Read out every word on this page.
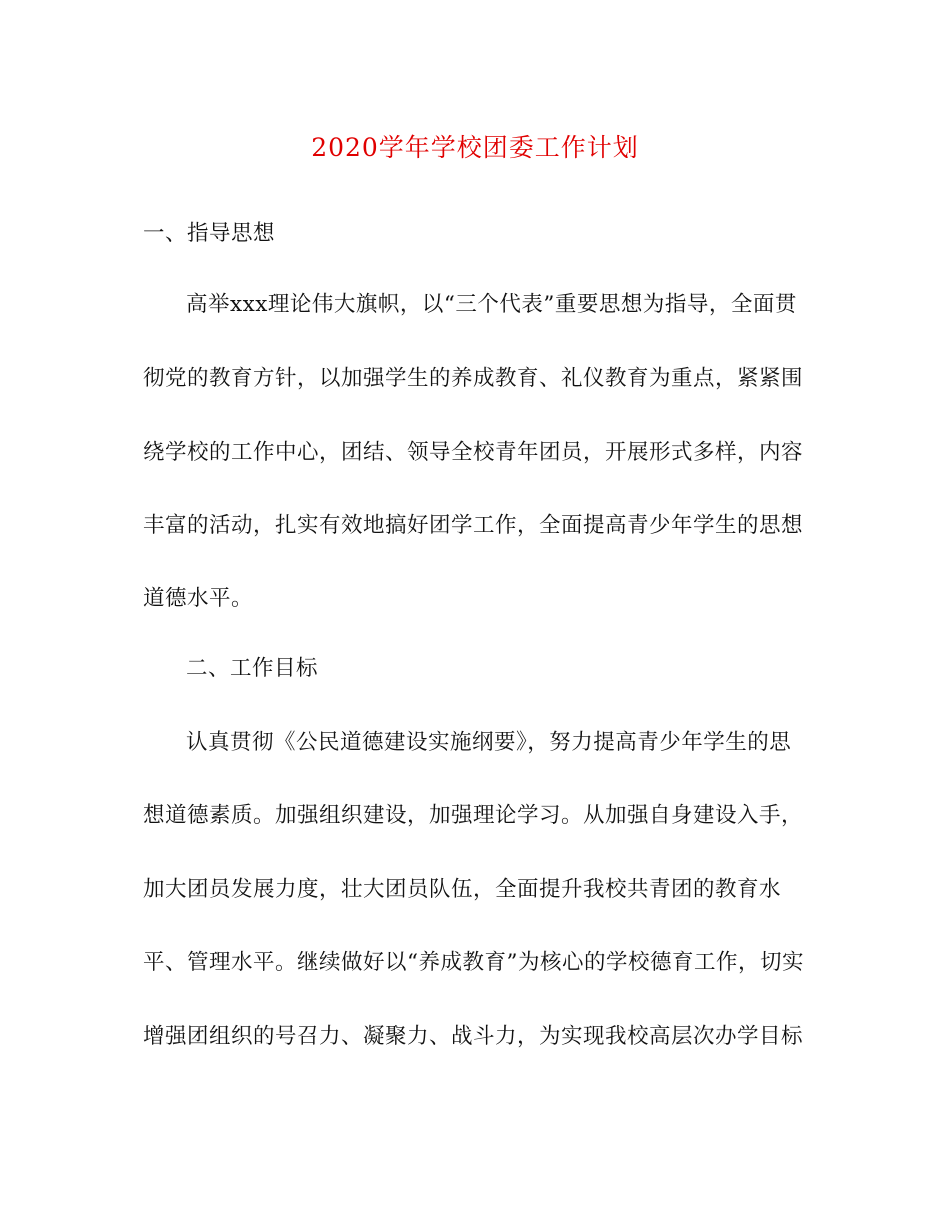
2020学年学校团委工作计划

一、指导思想

高举xxx理论伟大旗帜，以“三个代表”重要思想为指导，全面贯

彻党的教育方针，以加强学生的养成教育、礼仪教育为重点，紧紧围

绕学校的工作中心，团结、领导全校青年团员，开展形式多样，内容

丰富的活动，扎实有效地搞好团学工作，全面提高青少年学生的思想

道德水平。

二、工作目标

认真贯彻《公民道德建设实施纲要》，努力提高青少年学生的思

想道德素质。加强组织建设，加强理论学习。从加强自身建设入手，

加大团员发展力度，壮大团员队伍，全面提升我校共青团的教育水

平、管理水平。继续做好以“养成教育”为核心的学校德育工作，切实

增强团组织的号召力、凝聚力、战斗力，为实现我校高层次办学目标
